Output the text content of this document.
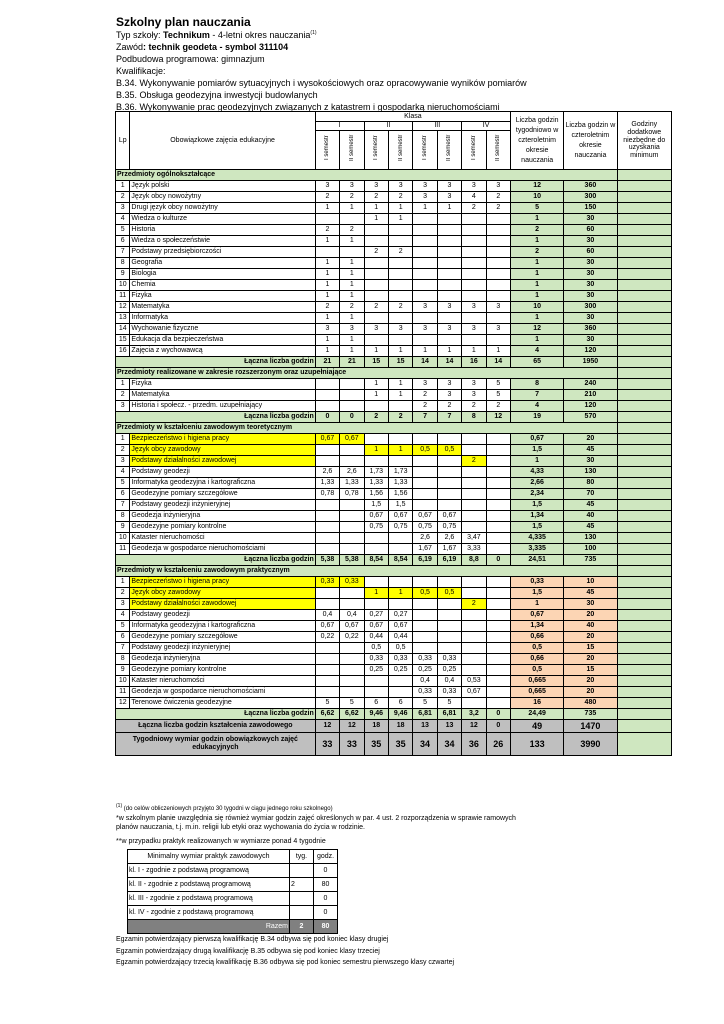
Szkolny plan nauczania
Typ szkoły: Technikum - 4-letni okres nauczania$^{(1)}$
Zawód: technik geodeta - symbol 311104
Podbudowa programowa: gimnazjum
Kwalifikacje:
B.34. Wykonywanie pomiarów sytuacyjnych i wysokościowych oraz opracowywanie wyników pomiarów
B.35. Obsługa geodezyjna inwestycji budowlanych
B.36. Wykonywanie prac geodezyjnych związanych z katastrem i gospodarką nieruchomościami
Lp	Obowiązkowe zajęcia edukacyjne	Klasa								Liczba godzin tygodniowo w czteroletnim okresie nauczania	Liczba godzin w czteroletnim okresie nauczania	Godziny dodatkowe niezbędne do uzyskania minimum
		I		II		III		IV				
		I semestr	II semestr	I semestr	II semestr	I semestr	II semestr	I semestr	II semestr			
Przedmioty ogólnokształcące												
1	Język polski	3	3	3	3	3	3	3	3	12	360	
2	Język obcy nowożytny	2	2	2	2	3	3	4	2	10	300	
3	Drugi język obcy nowożytny	1	1	1	1	1	1	2	2	5	150	
4	Wiedza o kulturze			1	1					1	30	
5	Historia	2	2							2	60	
6	Wiedza o społeczeństwie	1	1							1	30	
7	Podstawy przedsiębiorczości			2	2					2	60	
8	Geografia	1	1							1	30	
9	Biologia	1	1							1	30	
10	Chemia	1	1							1	30	
11	Fizyka	1	1							1	30	
12	Matematyka	2	2	2	2	3	3	3	3	10	300	
13	Informatyka	1	1							1	30	
14	Wychowanie fizyczne	3	3	3	3	3	3	3	3	12	360	
15	Edukacja dla bezpieczeństwa	1	1							1	30	
16	Zajęcia z wychowawcą	1	1	1	1	1	1	1	1	4	120	
Łączna liczba godzin		21	21	15	15	14	14	16	14	65	1950	
Przedmioty realizowane w zakresie rozszerzonym oraz uzupełniające												
1	Fizyka			1	1	3	3	3	5	8	240	
2	Matematyka			1	1	2	3	3	5	7	210	
3	Historia i społecz. - przedm. uzupełniający					2	2	2	2	4	120	
Łączna liczba godzin		0	0	2	2	7	7	8	12	19	570	
Przedmioty w kształceniu zawodowym teoretycznym												
1	Bezpieczeństwo i higiena pracy	0,67	0,67							0,67	20	
2	Język obcy zawodowy			1	1	0,5	0,5			1,5	45	
3	Podstawy działalności zawodowej							2		1	30	
4	Podstawy geodezji	2,6	2,6	1,73	1,73					4,33	130	
5	Informatyka geodezyjna i kartograficzna	1,33	1,33	1,33	1,33					2,66	80	
6	Geodezyjne pomiary szczegółowe	0,78	0,78	1,56	1,56					2,34	70	
7	Podstawy geodezji inżynieryjnej			1,5	1,5					1,5	45	
8	Geodezja inżynieryjna			0,67	0,67	0,67	0,67			1,34	40	
9	Geodezyjne pomiary kontrolne			0,75	0,75	0,75	0,75			1,5	45	
10	Kataster nieruchomości					2,6	2,6	3,47		4,335	130	
11	Geodezja w gospodarce nieruchomościami					1,67	1,67	3,33		3,335	100	
Łączna liczba godzin		5,38	5,38	8,54	8,54	6,19	6,19	8,8	0	24,51	735	
Przedmioty w kształceniu zawodowym praktycznym												
1	Bezpieczeństwo i higiena pracy	0,33	0,33							0,33	10	
2	Język obcy zawodowy			1	1	0,5	0,5			1,5	45	
3	Podstawy działalności zawodowej							2		1	30	
4	Podstawy geodezji	0,4	0,4	0,27	0,27					0,67	20	
5	Informatyka geodezyjna i kartograficzna	0,67	0,67	0,67	0,67					1,34	40	
6	Geodezyjne pomiary szczegółowe	0,22	0,22	0,44	0,44					0,66	20	
7	Podstawy geodezji inżynieryjnej			0,5	0,5					0,5	15	
8	Geodezja inżynieryjna			0,33	0,33	0,33	0,33			0,66	20	
9	Geodezyjne pomiary kontrolne			0,25	0,25	0,25	0,25			0,5	15	
10	Kataster nieruchomości					0,4	0,4	0,53		0,665	20	
11	Geodezja w gospodarce nieruchomościami					0,33	0,33	0,67		0,665	20	
12	Terenowe ćwiczenia geodezyjne	5	5	6	6	5	5			16	480	
Łączna liczba godzin		6,62	6,62	9,46	9,46	6,81	6,81	3,2	0	24,49	735	
Łączna liczba godzin kształcenia zawodowego		12	12	18	18	13	13	12	0	49	1470	
Tygodniowy wymiar godzin obowiązkowych zajęć edukacyjnych		33	33	35	35	34	34	36	26	133	3990	
$^{(1)}$ (do celów obliczeniowych przyjęto 30 tygodni w ciągu jednego roku szkolnego)
*w szkolnym planie uwzględnia się również wymiar godzin zajęć określonych w par. 4 ust. 2 rozporządzenia w sprawie ramowych
planów nauczania, t.j. m.in. religii lub etyki oraz wychowania do życia w rodzinie.
**w przypadku praktyk realizowanych w wymiarze ponad 4 tygodnie
Minimalny wymiar praktyk zawodowych	tyg.	godz.
kl. I - zgodnie z podstawą programową		0
kl. II - zgodnie z podstawą programową	2	80
kl. III - zgodnie z podstawą programową		0
kl. IV - zgodnie z podstawą programową		0
Razem	2	80
Egzamin potwierdzający pierwszą kwalifikację B.34 odbywa się pod koniec klasy drugiej
Egzamin potwierdzający drugą kwalifikację B.35 odbywa się pod koniec klasy trzeciej
Egzamin potwierdzający trzecią kwalifikację B.36 odbywa się pod koniec semestru pierwszego klasy czwartej
